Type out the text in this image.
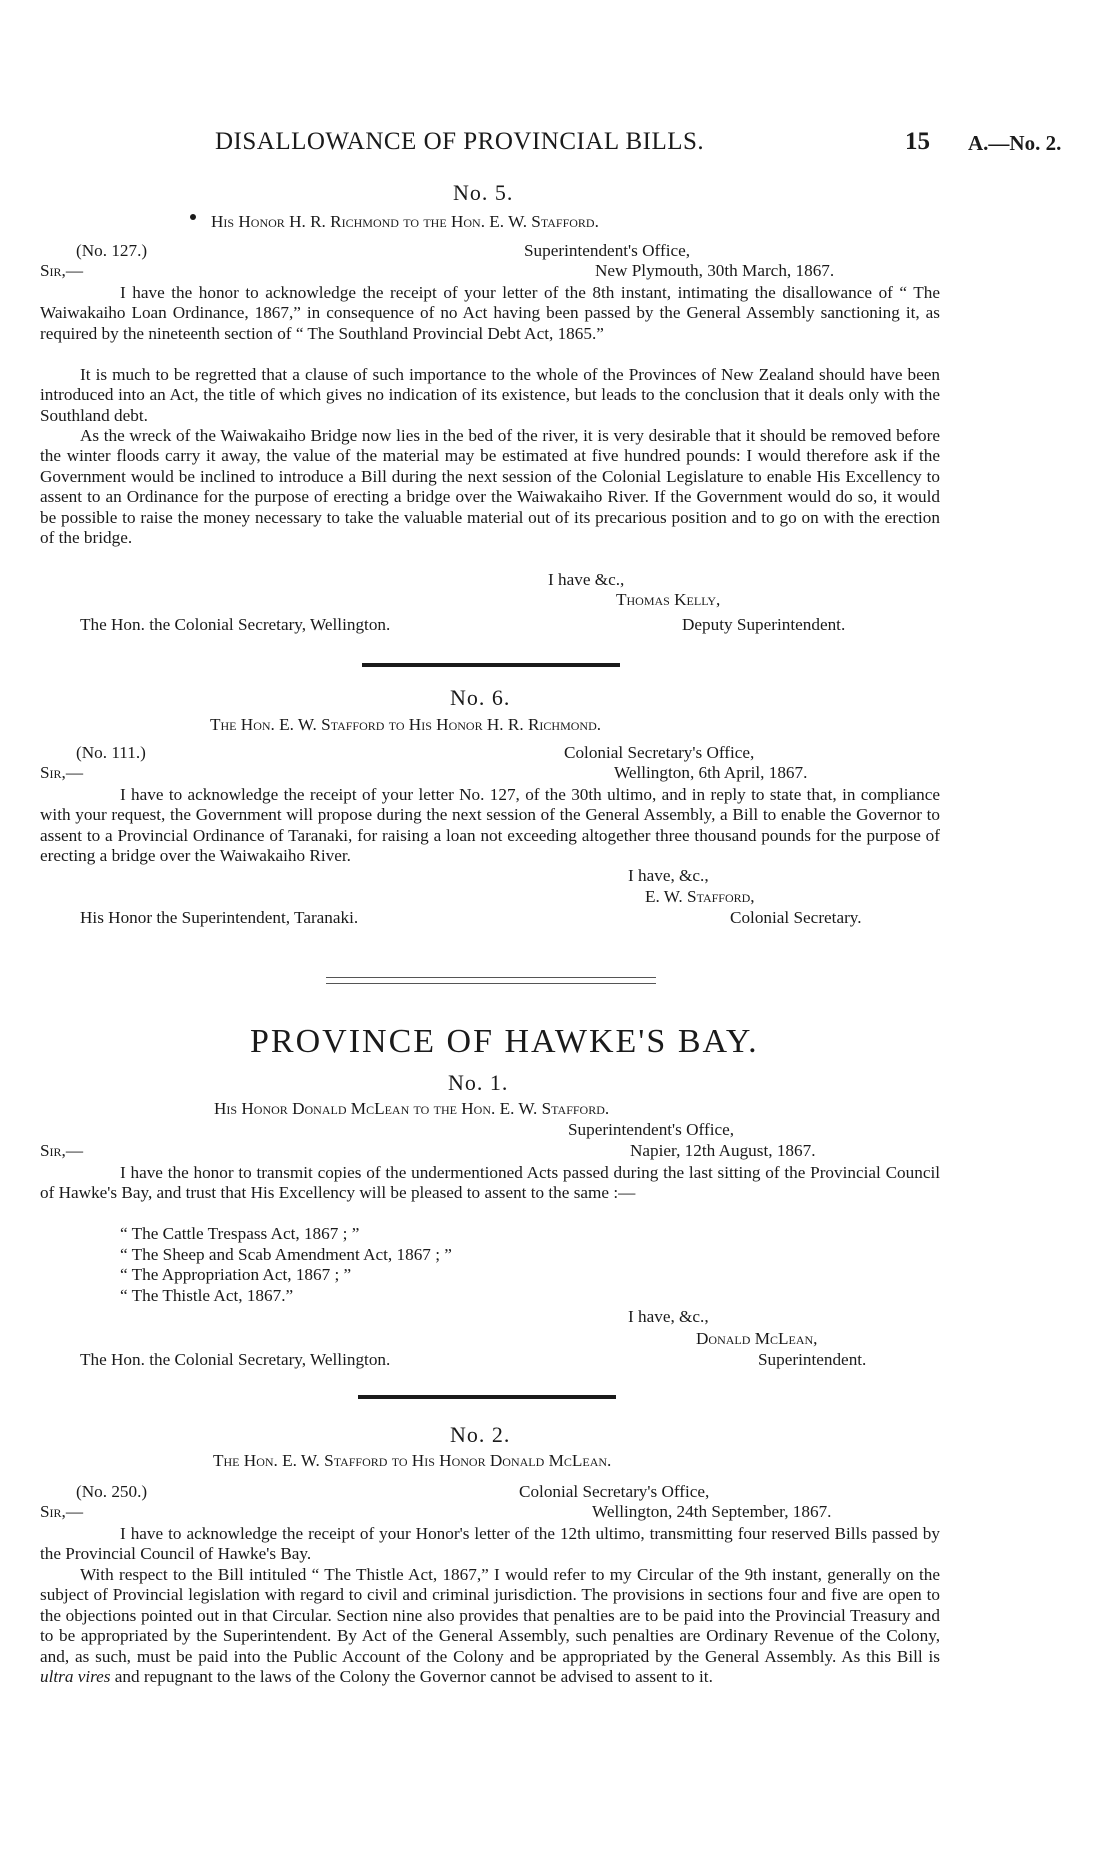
DISALLOWANCE OF PROVINCIAL BILLS.	15 A.—No. 2.
No. 5.
His Honor H. R. Richmond to the Hon. E. W. Stafford.
(No. 127.)	Superintendent's Office,
Sir,—	New Plymouth, 30th March, 1867.
I have the honor to acknowledge the receipt of your letter of the 8th instant, intimating the disallowance of “ The Waiwakaiho Loan Ordinance, 1867,” in consequence of no Act having been passed by the General Assembly sanctioning it, as required by the nineteenth section of “ The Southland Provincial Debt Act, 1865.”
It is much to be regretted that a clause of such importance to the whole of the Provinces of New Zealand should have been introduced into an Act, the title of which gives no indication of its existence, but leads to the conclusion that it deals only with the Southland debt.
As the wreck of the Waiwakaiho Bridge now lies in the bed of the river, it is very desirable that it should be removed before the winter floods carry it away, the value of the material may be estimated at five hundred pounds: I would therefore ask if the Government would be inclined to introduce a Bill during the next session of the Colonial Legislature to enable His Excellency to assent to an Ordinance for the purpose of erecting a bridge over the Waiwakaiho River. If the Government would do so, it would be possible to raise the money necessary to take the valuable material out of its precarious position and to go on with the erection of the bridge.
I have &c.,
Thomas Kelly,
The Hon. the Colonial Secretary, Wellington.	Deputy Superintendent.
No. 6.
The Hon. E. W. Stafford to His Honor H. R. Richmond.
(No. 111.)	Colonial Secretary's Office,
Sir,—	Wellington, 6th April, 1867.
I have to acknowledge the receipt of your letter No. 127, of the 30th ultimo, and in reply to state that, in compliance with your request, the Government will propose during the next session of the General Assembly, a Bill to enable the Governor to assent to a Provincial Ordinance of Taranaki, for raising a loan not exceeding altogether three thousand pounds for the purpose of erecting a bridge over the Waiwakaiho River.
I have, &c.,
E. W. Stafford,
His Honor the Superintendent, Taranaki.	Colonial Secretary.
PROVINCE OF HAWKE'S BAY.
No. 1.
His Honor Donald McLean to the Hon. E. W. Stafford.
Superintendent's Office,
Sir,—	Napier, 12th August, 1867.
I have the honor to transmit copies of the undermentioned Acts passed during the last sitting of the Provincial Council of Hawke's Bay, and trust that His Excellency will be pleased to assent to the same :—
“ The Cattle Trespass Act, 1867 ; ”
“ The Sheep and Scab Amendment Act, 1867 ; ”
“ The Appropriation Act, 1867 ; ”
“ The Thistle Act, 1867.”
I have, &c.,
Donald McLean,
The Hon. the Colonial Secretary, Wellington.	Superintendent.
No. 2.
The Hon. E. W. Stafford to His Honor Donald McLean.
(No. 250.)	Colonial Secretary's Office,
Sir,—	Wellington, 24th September, 1867.
I have to acknowledge the receipt of your Honor's letter of the 12th ultimo, transmitting four reserved Bills passed by the Provincial Council of Hawke's Bay.
With respect to the Bill intituled “ The Thistle Act, 1867,” I would refer to my Circular of the 9th instant, generally on the subject of Provincial legislation with regard to civil and criminal jurisdiction. The provisions in sections four and five are open to the objections pointed out in that Circular. Section nine also provides that penalties are to be paid into the Provincial Treasury and to be appropriated by the Superintendent. By Act of the General Assembly, such penalties are Ordinary Revenue of the Colony, and, as such, must be paid into the Public Account of the Colony and be appropriated by the General Assembly. As this Bill is ultra vires and repugnant to the laws of the Colony the Governor cannot be advised to assent to it.
